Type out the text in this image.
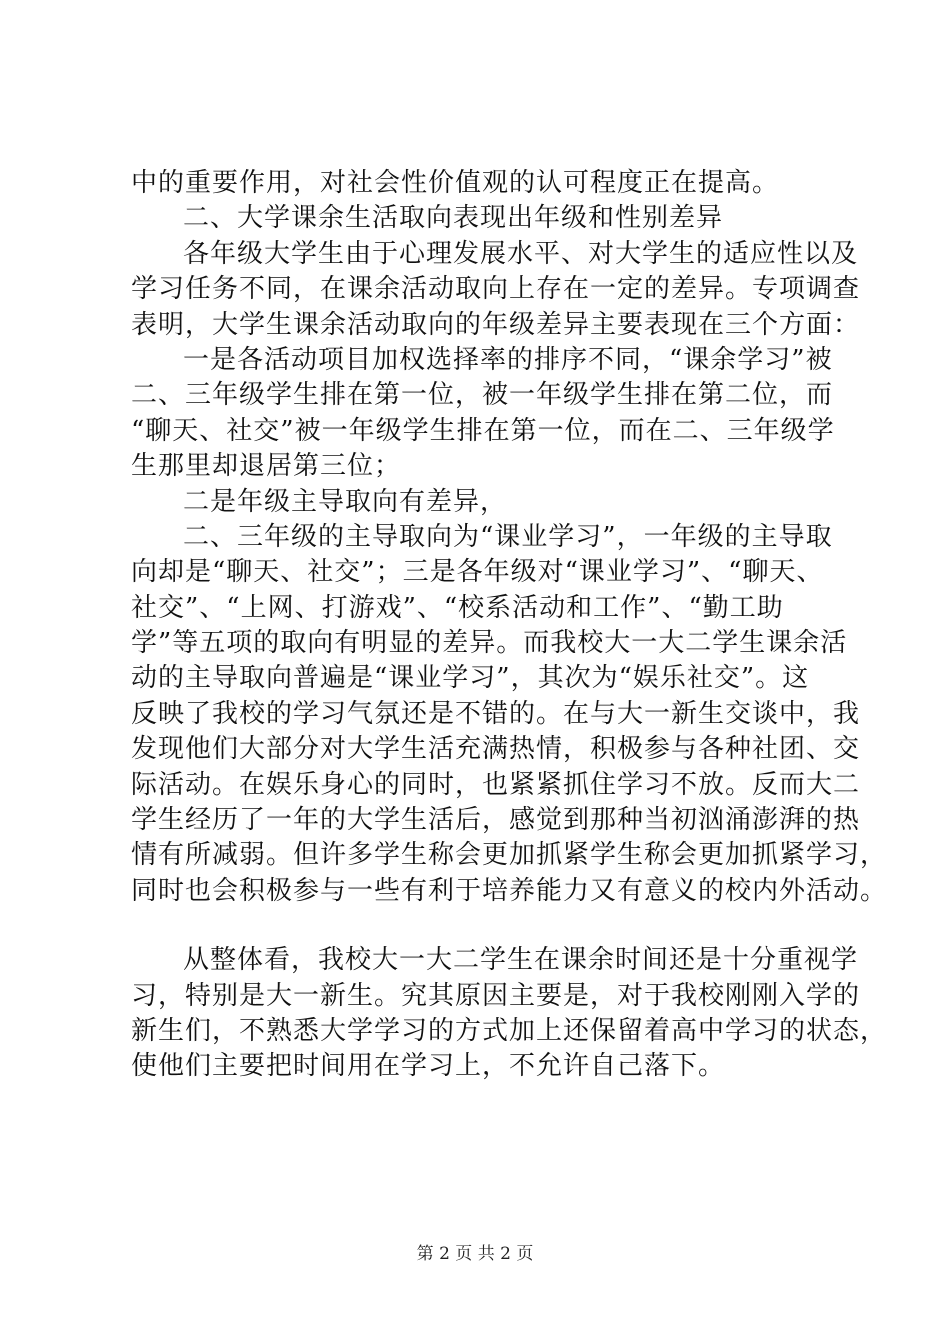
中的重要作用，对社会性价值观的认可程度正在提高。
二、大学课余生活取向表现出年级和性别差异
各年级大学生由于心理发展水平、对大学生的适应性以及
学习任务不同，在课余活动取向上存在一定的差异。专项调查
表明，大学生课余活动取向的年级差异主要表现在三个方面：
一是各活动项目加权选择率的排序不同，“课余学习”被
二、三年级学生排在第一位，被一年级学生排在第二位，而
“聊天、社交”被一年级学生排在第一位，而在二、三年级学
生那里却退居第三位；
二是年级主导取向有差异，
二、三年级的主导取向为“课业学习”，一年级的主导取
向却是“聊天、社交”；三是各年级对“课业学习”、“聊天、
社交”、“上网、打游戏”、“校系活动和工作”、“勤工助
学”等五项的取向有明显的差异。而我校大一大二学生课余活
动的主导取向普遍是“课业学习”，其次为“娱乐社交”。这
反映了我校的学习气氛还是不错的。在与大一新生交谈中，我
发现他们大部分对大学生活充满热情，积极参与各种社团、交
际活动。在娱乐身心的同时，也紧紧抓住学习不放。反而大二
学生经历了一年的大学生活后，感觉到那种当初汹涌澎湃的热
情有所减弱。但许多学生称会更加抓紧学生称会更加抓紧学习，
同时也会积极参与一些有利于培养能力又有意义的校内外活动。
从整体看，我校大一大二学生在课余时间还是十分重视学
习，特别是大一新生。究其原因主要是，对于我校刚刚入学的
新生们，不熟悉大学学习的方式加上还保留着高中学习的状态，
使他们主要把时间用在学习上，不允许自己落下。
第 2 页 共 2 页
